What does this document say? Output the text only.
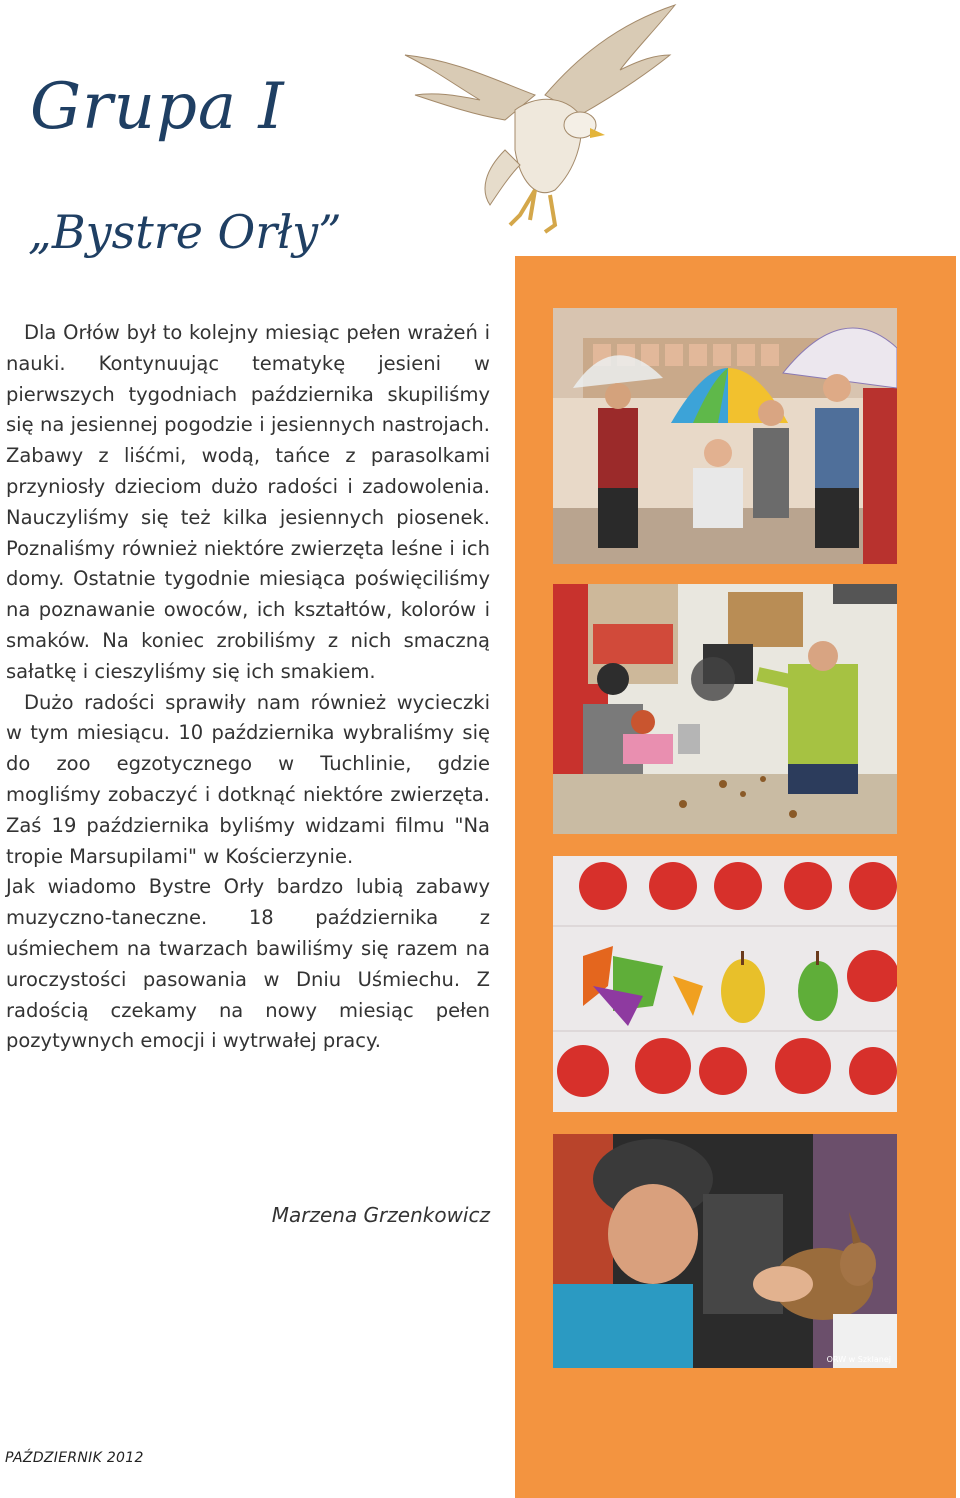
Grupa I
„Bystre Orły”

Dla Orłów był to kolejny miesiąc pełen wrażeń i nauki. Kontynuując tematykę jesieni w pierwszych tygodniach października skupiliśmy się na jesiennej pogodzie i jesiennych nastrojach. Zabawy z liśćmi, wodą, tańce z parasolkami przyniosły dzieciom dużo radości i zadowolenia. Nauczyliśmy się też kilka jesiennych piosenek. Poznaliśmy również niektóre zwierzęta leśne i ich domy. Ostatnie tygodnie miesiąca poświęciliśmy na poznawanie owoców, ich kształtów, kolorów i smaków. Na koniec zrobiliśmy z nich smaczną sałatkę i cieszyliśmy się ich smakiem.

Dużo radości sprawiły nam również wycieczki w tym miesiącu. 10 października wybraliśmy się do zoo egzotycznego w Tuchlinie, gdzie mogliśmy zobaczyć i dotknąć niektóre zwierzęta. Zaś 19 października byliśmy widzami filmu "Na tropie Marsupilami" w Kościerzynie.

Jak wiadomo Bystre Orły bardzo lubią zabawy muzyczno-taneczne. 18 października z uśmiechem na twarzach bawiliśmy się razem na uroczystości pasowania w Dniu Uśmiechu. Z radością czekamy na nowy miesiąc pełen pozytywnych emocji i wytrwałej pracy.

Marzena Grzenkowicz
PAŹDZIERNIK 2012
ORW w Szklanej
